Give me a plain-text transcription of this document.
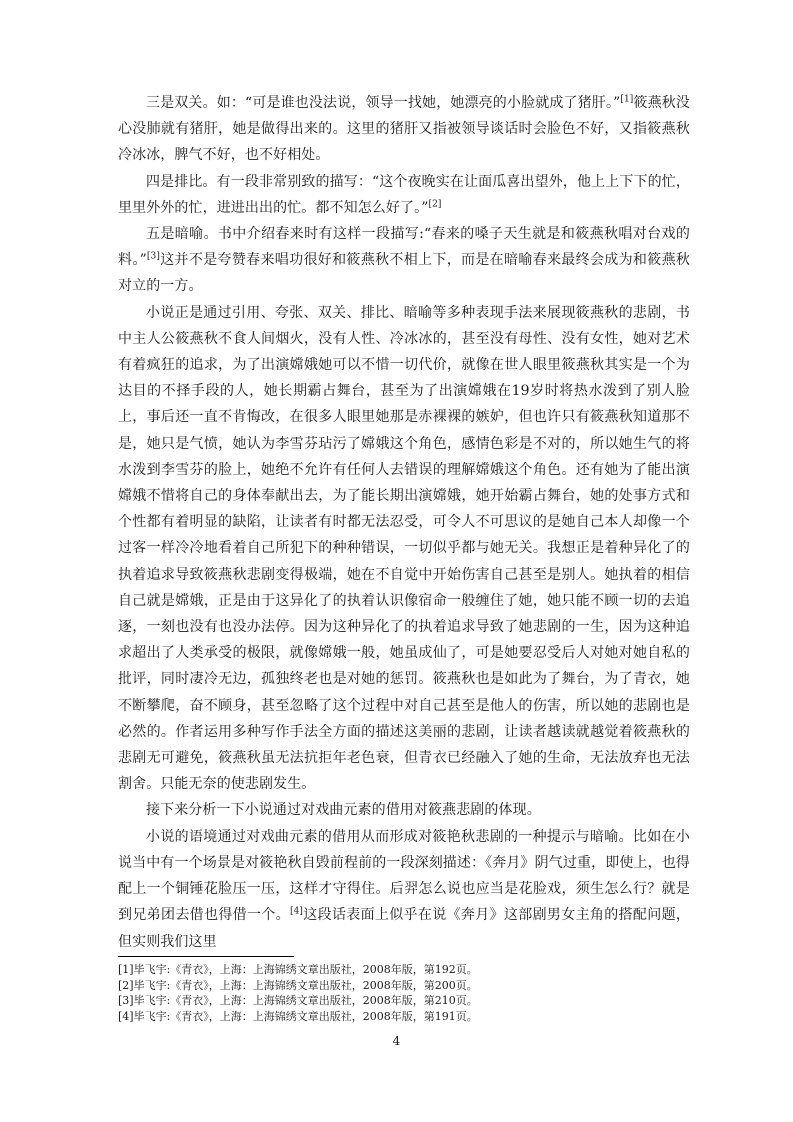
三是双关。如：“可是谁也没法说，领导一找她，她漂亮的小脸就成了猪肝。”[1]筱燕秋没心没肺就有猪肝，她是做得出来的。这里的猪肝又指被领导谈话时会脸色不好，又指筱燕秋冷冰冰，脾气不好，也不好相处。

四是排比。有一段非常别致的描写：“这个夜晚实在让面瓜喜出望外，他上上下下的忙，里里外外的忙，进进出出的忙。都不知怎么好了。”[2]

五是暗喻。书中介绍春来时有这样一段描写:“春来的嗓子天生就是和筱燕秋唱对台戏的料。”[3]这并不是夸赞春来唱功很好和筱燕秋不相上下，而是在暗喻春来最终会成为和筱燕秋对立的一方。

小说正是通过引用、夸张、双关、排比、暗喻等多种表现手法来展现筱燕秋的悲剧，书中主人公筱燕秋不食人间烟火，没有人性、冷冰冰的，甚至没有母性、没有女性，她对艺术有着疯狂的追求，为了出演嫦娥她可以不惜一切代价，就像在世人眼里筱燕秋其实是一个为达目的不择手段的人，她长期霸占舞台，甚至为了出演嫦娥在19岁时将热水泼到了别人脸上，事后还一直不肯悔改，在很多人眼里她那是赤裸裸的嫉妒，但也许只有筱燕秋知道那不是，她只是气愤，她认为李雪芬玷污了嫦娥这个角色，感情色彩是不对的，所以她生气的将水泼到李雪芬的脸上，她绝不允许有任何人去错误的理解嫦娥这个角色。还有她为了能出演嫦娥不惜将自己的身体奉献出去，为了能长期出演嫦娥，她开始霸占舞台，她的处事方式和个性都有着明显的缺陷，让读者有时都无法忍受，可令人不可思议的是她自己本人却像一个过客一样冷冷地看着自己所犯下的种种错误，一切似乎都与她无关。我想正是着种异化了的执着追求导致筱燕秋悲剧变得极端，她在不自觉中开始伤害自己甚至是别人。她执着的相信自己就是嫦娥，正是由于这异化了的执着认识像宿命一般缠住了她，她只能不顾一切的去追逐，一刻也没有也没办法停。因为这种异化了的执着追求导致了她悲剧的一生，因为这种追求超出了人类承受的极限，就像嫦娥一般，她虽成仙了，可是她要忍受后人对她对她自私的批评，同时凄冷无边，孤独终老也是对她的惩罚。筱燕秋也是如此为了舞台，为了青衣，她不断攀爬，奋不顾身，甚至忽略了这个过程中对自己甚至是他人的伤害，所以她的悲剧也是必然的。作者运用多种写作手法全方面的描述这美丽的悲剧，让读者越读就越觉着筱燕秋的悲剧无可避免，筱燕秋虽无法抗拒年老色衰，但青衣已经融入了她的生命，无法放弃也无法割舍。只能无奈的使悲剧发生。

接下来分析一下小说通过对戏曲元素的借用对筱燕悲剧的体现。

小说的语境通过对戏曲元素的借用从而形成对筱艳秋悲剧的一种提示与暗喻。比如在小说当中有一个场景是对筱艳秋自毁前程前的一段深刻描述：《奔月》阴气过重，即使上，也得配上一个铜锤花脸压一压，这样才守得住。后羿怎么说也应当是花脸戏，须生怎么行？就是到兄弟团去借也得借一个。[4]这段话表面上似乎在说《奔月》这部剧男女主角的搭配问题，但实则我们这里

[1]毕飞宇:《青衣》，上海：上海锦绣文章出版社，2008年版，第192页。

[2]毕飞宇:《青衣》，上海：上海锦绣文章出版社，2008年版，第200页。

[3]毕飞宇:《青衣》，上海：上海锦绣文章出版社，2008年版，第210页。

[4]毕飞宇:《青衣》，上海：上海锦绣文章出版社，2008年版，第191页。

4
